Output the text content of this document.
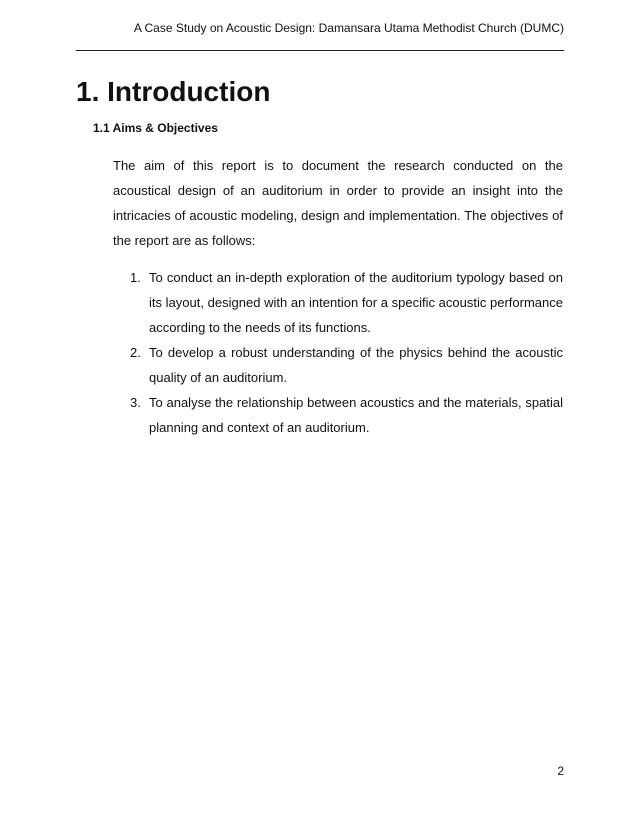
A Case Study on Acoustic Design: Damansara Utama Methodist Church (DUMC)
1. Introduction
1.1 Aims & Objectives

The aim of this report is to document the research conducted on the acoustical design of an auditorium in order to provide an insight into the intricacies of acoustic modeling, design and implementation. The objectives of the report are as follows:

1. To conduct an in-depth exploration of the auditorium typology based on its layout, designed with an intention for a specific acoustic performance according to the needs of its functions.
2. To develop a robust understanding of the physics behind the acoustic quality of an auditorium.
3. To analyse the relationship between acoustics and the materials, spatial planning and context of an auditorium.
2
